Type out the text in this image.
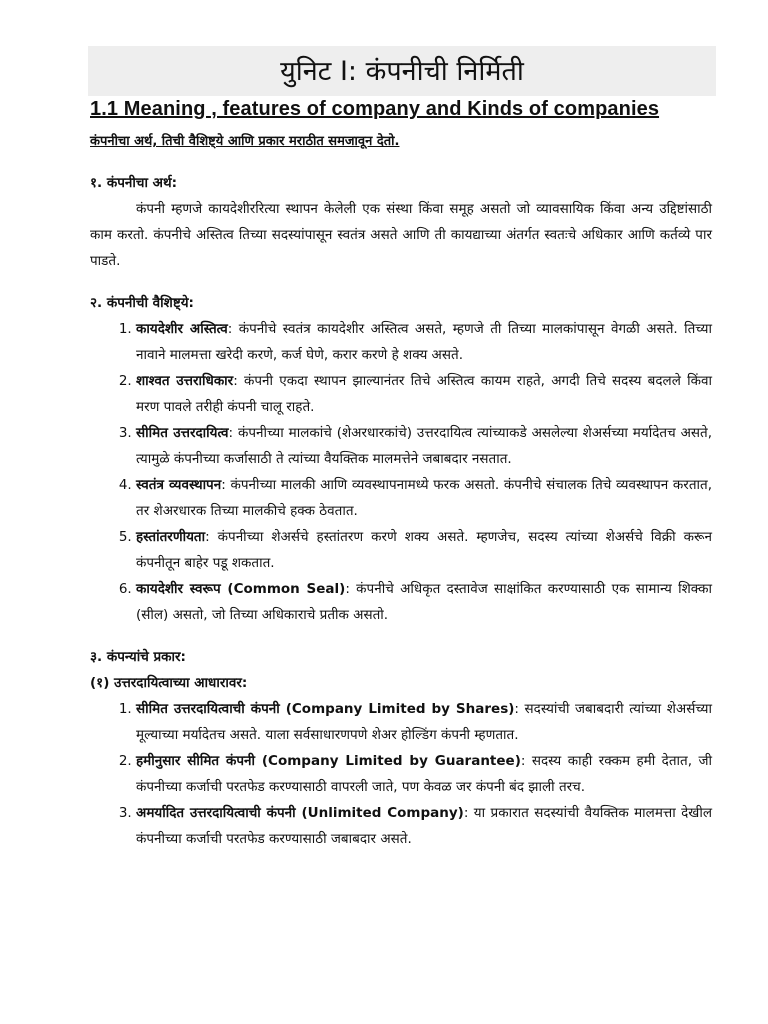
युनिट I: कंपनीची निर्मिती
1.1 Meaning , features of company and Kinds of companies
कंपनीचा अर्थ, तिची वैशिष्ट्ये आणि प्रकार मराठीत समजावून देतो.
१. कंपनीचा अर्थ:

कंपनी म्हणजे कायदेशीररित्या स्थापन केलेली एक संस्था किंवा समूह असतो जो व्यावसायिक किंवा अन्य उद्दिष्टांसाठी काम करतो. कंपनीचे अस्तित्व तिच्या सदस्यांपासून स्वतंत्र असते आणि ती कायद्याच्या अंतर्गत स्वतःचे अधिकार आणि कर्तव्ये पार पाडते.

२. कंपनीची वैशिष्ट्ये:
1. कायदेशीर अस्तित्व: कंपनीचे स्वतंत्र कायदेशीर अस्तित्व असते, म्हणजे ती तिच्या मालकांपासून वेगळी असते. तिच्या नावाने मालमत्ता खरेदी करणे, कर्ज घेणे, करार करणे हे शक्य असते.
2. शाश्वत उत्तराधिकार: कंपनी एकदा स्थापन झाल्यानंतर तिचे अस्तित्व कायम राहते, अगदी तिचे सदस्य बदलले किंवा मरण पावले तरीही कंपनी चालू राहते.
3. सीमित उत्तरदायित्व: कंपनीच्या मालकांचे (शेअरधारकांचे) उत्तरदायित्व त्यांच्याकडे असलेल्या शेअर्सच्या मर्यादेतच असते, त्यामुळे कंपनीच्या कर्जासाठी ते त्यांच्या वैयक्तिक मालमत्तेने जबाबदार नसतात.
4. स्वतंत्र व्यवस्थापन: कंपनीच्या मालकी आणि व्यवस्थापनामध्ये फरक असतो. कंपनीचे संचालक तिचे व्यवस्थापन करतात, तर शेअरधारक तिच्या मालकीचे हक्क ठेवतात.
5. हस्तांतरणीयता: कंपनीच्या शेअर्सचे हस्तांतरण करणे शक्य असते. म्हणजेच, सदस्य त्यांच्या शेअर्सचे विक्री करून कंपनीतून बाहेर पडू शकतात.
6. कायदेशीर स्वरूप (Common Seal): कंपनीचे अधिकृत दस्तावेज साक्षांकित करण्यासाठी एक सामान्य शिक्का (सील) असतो, जो तिच्या अधिकाराचे प्रतीक असतो.
३. कंपन्यांचे प्रकार:
(१) उत्तरदायित्वाच्या आधारावर:
1. सीमित उत्तरदायित्वाची कंपनी (Company Limited by Shares): सदस्यांची जबाबदारी त्यांच्या शेअर्सच्या मूल्याच्या मर्यादेतच असते. याला सर्वसाधारणपणे शेअर होल्डिंग कंपनी म्हणतात.
2. हमीनुसार सीमित कंपनी (Company Limited by Guarantee): सदस्य काही रक्कम हमी देतात, जी कंपनीच्या कर्जाची परतफेड करण्यासाठी वापरली जाते, पण केवळ जर कंपनी बंद झाली तरच.
3. अमर्यादित उत्तरदायित्वाची कंपनी (Unlimited Company): या प्रकारात सदस्यांची वैयक्तिक मालमत्ता देखील कंपनीच्या कर्जाची परतफेड करण्यासाठी जबाबदार असते.
